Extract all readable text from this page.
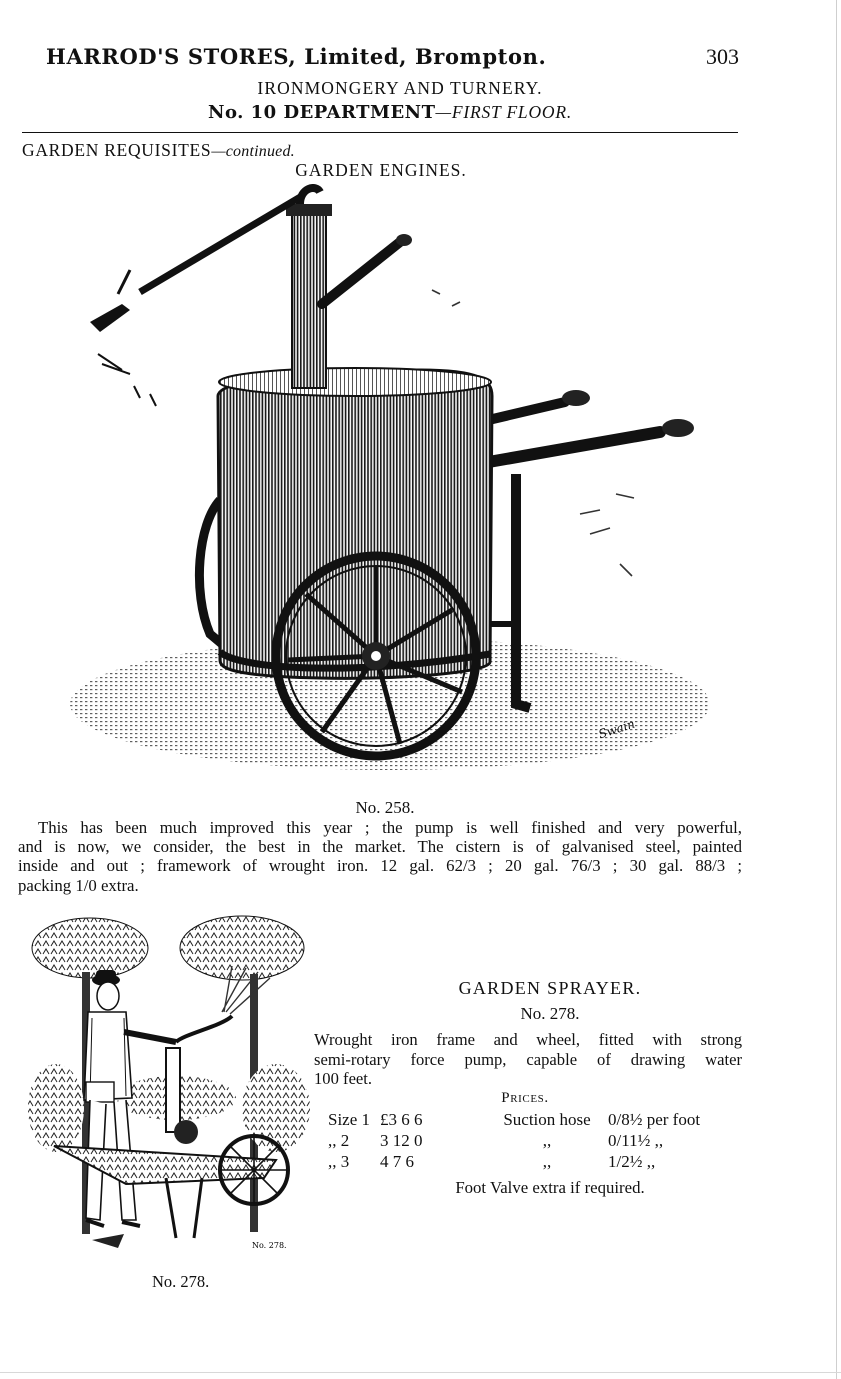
HARROD'S STORES, Limited, Brompton.	303
IRONMONGERY AND TURNERY.
No. 10 DEPARTMENT—FIRST FLOOR.
GARDEN REQUISITES—continued.
GARDEN ENGINES.
Swain
No. 258.
This has been much improved this year ; the pump is well finished and very powerful,
and is now, we consider, the best in the market. The cistern is of galvanised steel, painted
inside and out ; framework of wrought iron. 12 gal. 62/3 ; 20 gal. 76/3 ; 30 gal. 88/3 ;
packing 1/0 extra.
No. 278.
No. 278.
GARDEN SPRAYER.
No. 278.
Wrought iron frame and wheel, fitted with strong
semi-rotary force pump, capable of drawing water
100 feet.
Prices.
Size 1	£3 6 6	Suction hose	0/8½ per foot
,, 2	3 12 0	,,	0/11½ ,,
,, 3	4 7 6	,,	1/2½ ,,
Foot Valve extra if required.
